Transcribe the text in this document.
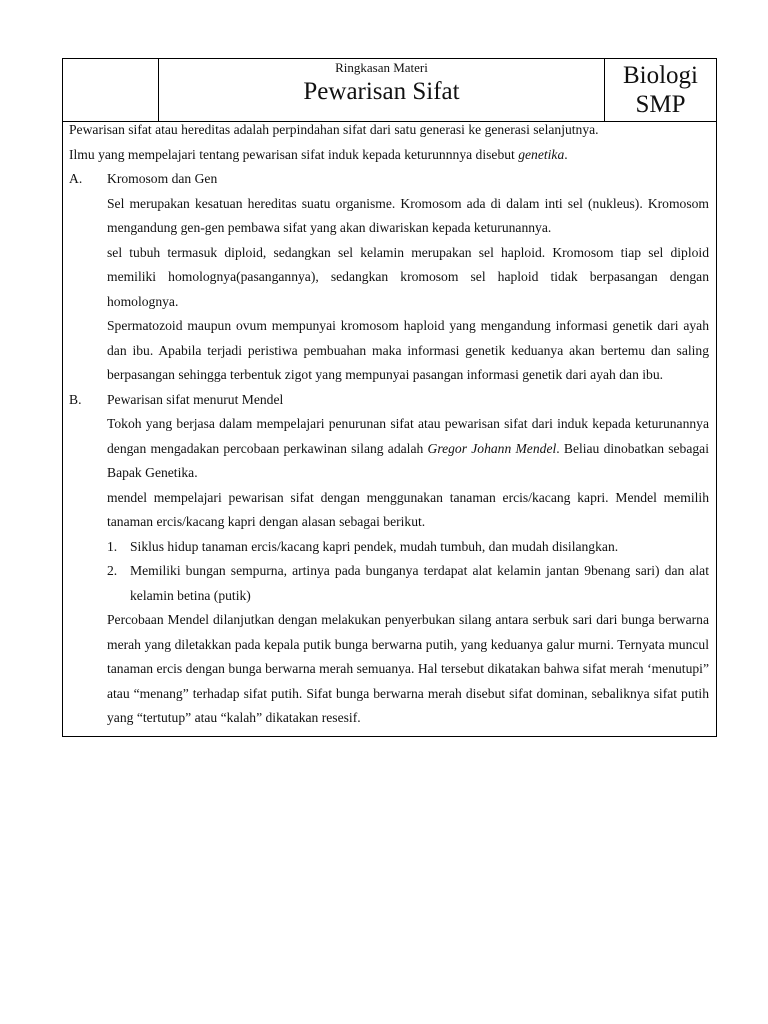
Ringkasan Materi
Pewarisan Sifat
Biologi
SMP

Pewarisan sifat atau hereditas adalah perpindahan sifat dari satu generasi ke generasi selanjutnya.

Ilmu yang mempelajari tentang pewarisan sifat induk kepada keturunnnya disebut genetika.

A.	Kromosom dan Gen

Sel merupakan kesatuan hereditas suatu organisme. Kromosom ada di dalam inti sel (nukleus). Kromosom mengandung gen-gen pembawa sifat yang akan diwariskan kepada keturunannya.

sel tubuh termasuk diploid, sedangkan sel kelamin merupakan sel haploid. Kromosom tiap sel diploid memiliki homolognya(pasangannya), sedangkan kromosom sel haploid tidak berpasangan dengan homolognya.

Spermatozoid maupun ovum mempunyai kromosom haploid yang mengandung informasi genetik dari ayah dan ibu. Apabila terjadi peristiwa pembuahan maka informasi genetik keduanya akan bertemu dan saling berpasangan sehingga terbentuk zigot yang mempunyai pasangan informasi genetik dari ayah dan ibu.

B.	Pewarisan sifat menurut Mendel

Tokoh yang berjasa dalam mempelajari penurunan sifat atau pewarisan sifat dari induk kepada keturunannya dengan mengadakan percobaan perkawinan silang adalah Gregor Johann Mendel. Beliau dinobatkan sebagai Bapak Genetika.

mendel mempelajari pewarisan sifat dengan menggunakan tanaman ercis/kacang kapri. Mendel memilih tanaman ercis/kacang kapri dengan alasan sebagai berikut.

1. Siklus hidup tanaman ercis/kacang kapri pendek, mudah tumbuh, dan mudah disilangkan.
2. Memiliki bungan sempurna, artinya pada bunganya terdapat alat kelamin jantan 9benang sari) dan alat kelamin betina (putik)

Percobaan Mendel dilanjutkan dengan melakukan penyerbukan silang antara serbuk sari dari bunga berwarna merah yang diletakkan pada kepala putik bunga berwarna putih, yang keduanya galur murni. Ternyata muncul tanaman ercis dengan bunga berwarna merah semuanya. Hal tersebut dikatakan bahwa sifat merah ‘menutupi” atau “menang” terhadap sifat putih. Sifat bunga berwarna merah disebut sifat dominan, sebaliknya sifat putih yang “tertutup” atau “kalah” dikatakan resesif.
